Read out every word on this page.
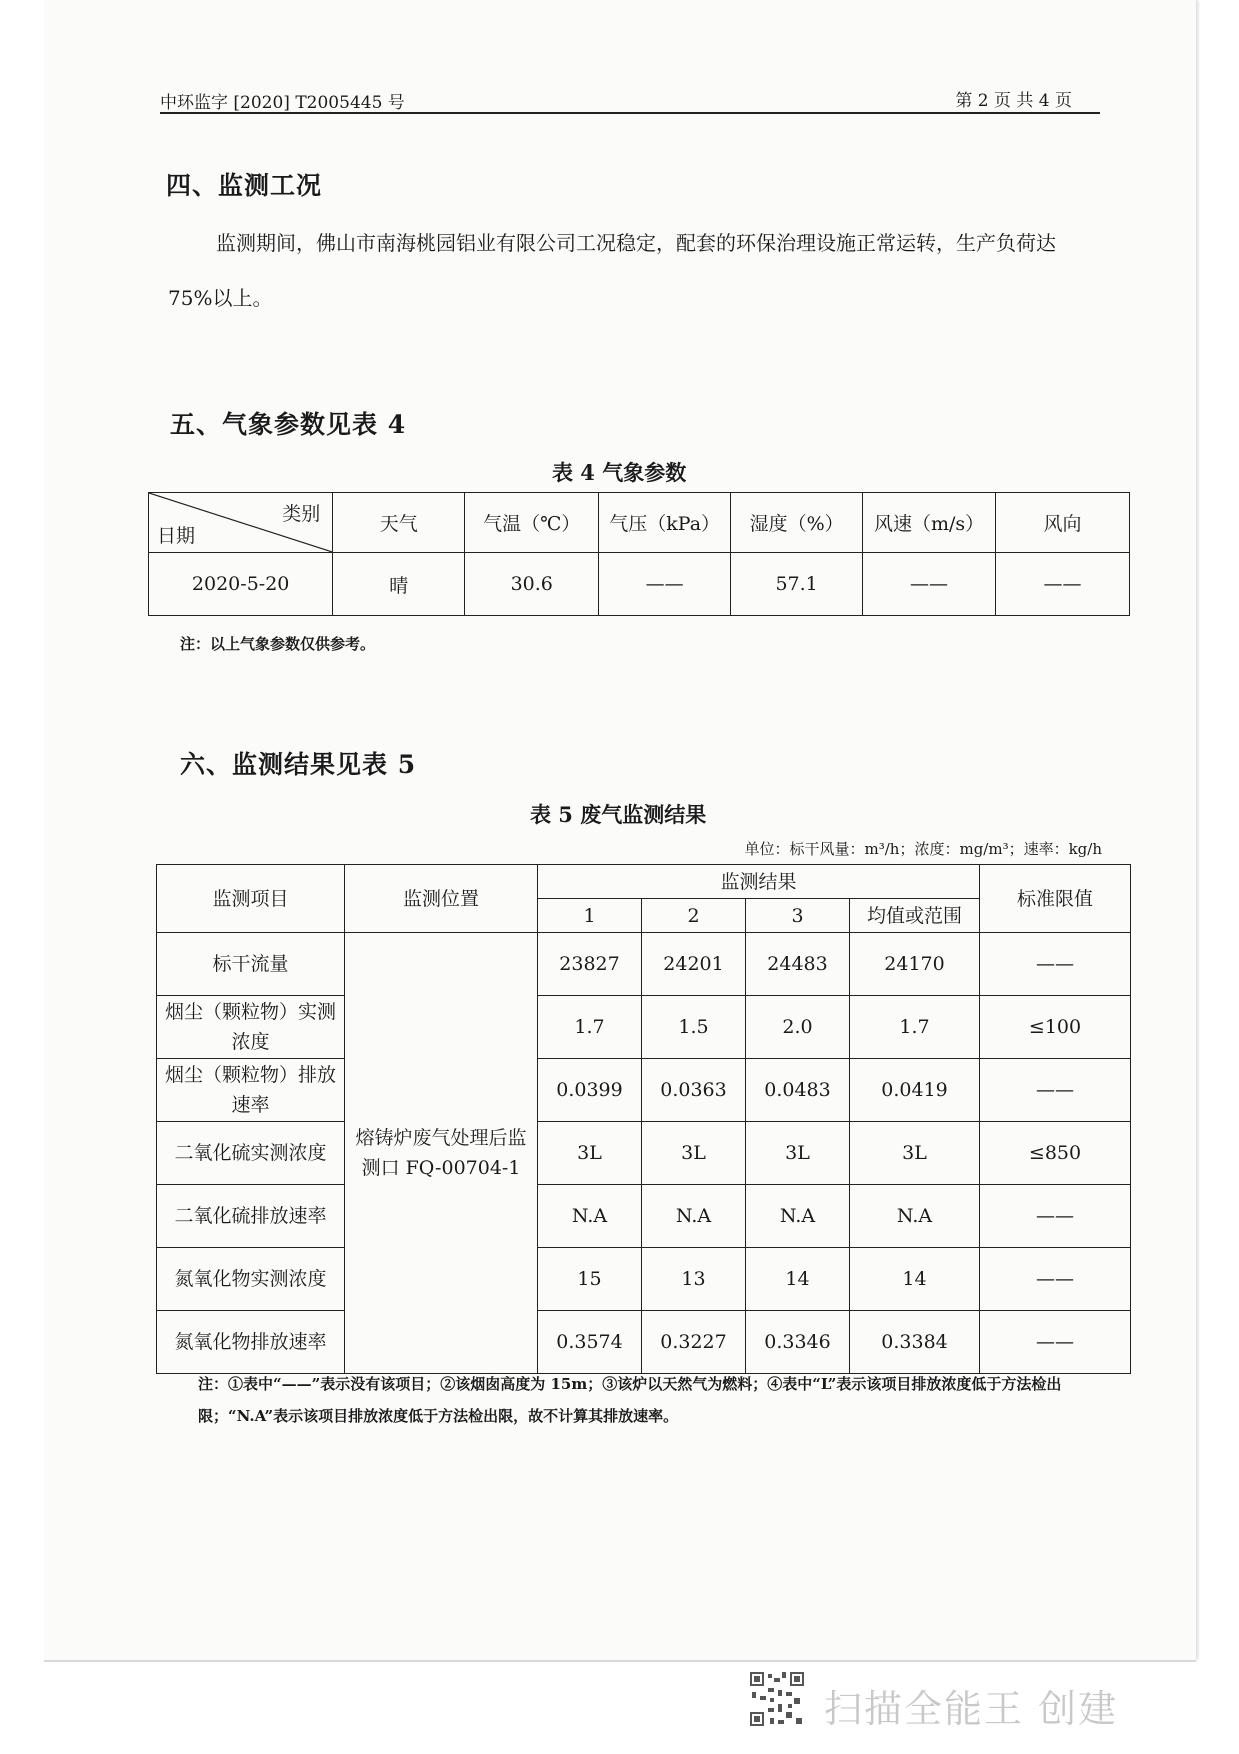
中环监字 [2020] T2005445 号	第 2 页 共 4 页
四、监测工况
监测期间，佛山市南海桃园铝业有限公司工况稳定，配套的环保治理设施正常运转，生产负荷达 75%以上。
五、气象参数见表 4
表 4 气象参数
类别
日期	天气	气温（℃）	气压（kPa）	湿度（%）	风速（m/s）	风向
2020-5-20	晴	30.6	——	57.1	——	——
注：以上气象参数仅供参考。
六、监测结果见表 5
表 5 废气监测结果
单位：标干风量：m³/h；浓度：mg/m³；速率：kg/h
监测项目	监测位置	监测结果				标准限值
		1	2	3	均值或范围	
标干流量	熔铸炉废气处理后监测口 FQ-00704-1	23827	24201	24483	24170	——
烟尘（颗粒物）实测浓度		1.7	1.5	2.0	1.7	≤100
烟尘（颗粒物）排放速率		0.0399	0.0363	0.0483	0.0419	——
二氧化硫实测浓度		3L	3L	3L	3L	≤850
二氧化硫排放速率		N.A	N.A	N.A	N.A	——
氮氧化物实测浓度		15	13	14	14	——
氮氧化物排放速率		0.3574	0.3227	0.3346	0.3384	——
注：①表中“——”表示没有该项目；②该烟囱高度为 15m；③该炉以天然气为燃料；④表中“L”表示该项目排放浓度低于方法检出限；“N.A”表示该项目排放浓度低于方法检出限，故不计算其排放速率。
扫描全能王 创建
